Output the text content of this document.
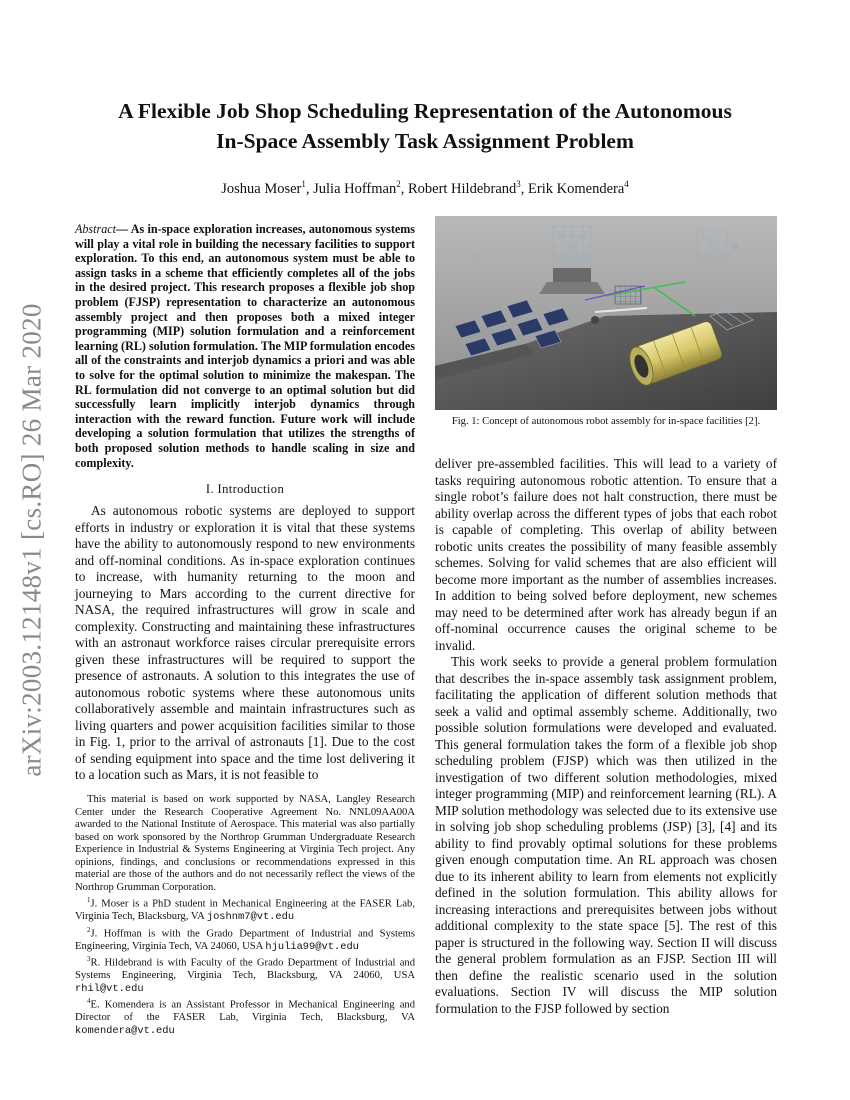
arXiv:2003.12148v1 [cs.RO] 26 Mar 2020
A Flexible Job Shop Scheduling Representation of the Autonomous
In-Space Assembly Task Assignment Problem
Joshua Moser$^1$, Julia Hoffman$^2$, Robert Hildebrand$^3$, Erik Komendera$^4$

Abstract— As in-space exploration increases, autonomous systems will play a vital role in building the necessary facilities to support exploration. To this end, an autonomous system must be able to assign tasks in a scheme that efficiently completes all of the jobs in the desired project. This research proposes a flexible job shop problem (FJSP) representation to characterize an autonomous assembly project and then proposes both a mixed integer programming (MIP) solution formulation and a reinforcement learning (RL) solution formulation. The MIP formulation encodes all of the constraints and interjob dynamics a priori and was able to solve for the optimal solution to minimize the makespan. The RL formulation did not converge to an optimal solution but did successfully learn implicitly interjob dynamics through interaction with the reward function. Future work will include developing a solution formulation that utilizes the strengths of both proposed solution methods to handle scaling in size and complexity.

I. Introduction

As autonomous robotic systems are deployed to support efforts in industry or exploration it is vital that these systems have the ability to autonomously respond to new environments and off-nominal conditions. As in-space exploration continues to increase, with humanity returning to the moon and journeying to Mars according to the current directive for NASA, the required infrastructures will grow in scale and complexity. Constructing and maintaining these infrastructures with an astronaut workforce raises circular prerequisite errors given these infrastructures will be required to support the presence of astronauts. A solution to this integrates the use of autonomous robotic systems where these autonomous units collaboratively assemble and maintain infrastructures such as living quarters and power acquisition facilities similar to those in Fig. 1, prior to the arrival of astronauts [1]. Due to the cost of sending equipment into space and the time lost delivering it to a location such as Mars, it is not feasible to

This material is based on work supported by NASA, Langley Research Center under the Research Cooperative Agreement No. NNL09AA00A awarded to the National Institute of Aerospace. This material was also partially based on work sponsored by the Northrop Grumman Undergraduate Research Experience in Industrial & Systems Engineering at Virginia Tech project. Any opinions, findings, and conclusions or recommendations expressed in this material are those of the authors and do not necessarily reflect the views of the Northrop Grumman Corporation.

$^1$J. Moser is a PhD student in Mechanical Engineering at the FASER Lab, Virginia Tech, Blacksburg, VA joshnm7@vt.edu

$^2$J. Hoffman is with the Grado Department of Industrial and Systems Engineering, Virginia Tech, VA 24060, USA hjulia99@vt.edu

$^3$R. Hildebrand is with Faculty of the Grado Department of Industrial and Systems Engineering, Virginia Tech, Blacksburg, VA 24060, USA rhil@vt.edu

$^4$E. Komendera is an Assistant Professor in Mechanical Engineering and Director of the FASER Lab, Virginia Tech, Blacksburg, VA komendera@vt.edu

Fig. 1: Concept of autonomous robot assembly for in-space facilities [2].

deliver pre-assembled facilities. This will lead to a variety of tasks requiring autonomous robotic attention. To ensure that a single robot’s failure does not halt construction, there must be ability overlap across the different types of jobs that each robot is capable of completing. This overlap of ability between robotic units creates the possibility of many feasible assembly schemes. Solving for valid schemes that are also efficient will become more important as the number of assemblies increases. In addition to being solved before deployment, new schemes may need to be determined after work has already begun if an off-nominal occurrence causes the original scheme to be invalid.

This work seeks to provide a general problem formulation that describes the in-space assembly task assignment problem, facilitating the application of different solution methods that seek a valid and optimal assembly scheme. Additionally, two possible solution formulations were developed and evaluated. This general formulation takes the form of a flexible job shop scheduling problem (FJSP) which was then utilized in the investigation of two different solution methodologies, mixed integer programming (MIP) and reinforcement learning (RL). A MIP solution methodology was selected due to its extensive use in solving job shop scheduling problems (JSP) [3], [4] and its ability to find provably optimal solutions for these problems given enough computation time. An RL approach was chosen due to its inherent ability to learn from elements not explicitly defined in the solution formulation. This ability allows for increasing interactions and prerequisites between jobs without additional complexity to the state space [5]. The rest of this paper is structured in the following way. Section II will discuss the general problem formulation as an FJSP. Section III will then define the realistic scenario used in the solution evaluations. Section IV will discuss the MIP solution formulation to the FJSP followed by section
